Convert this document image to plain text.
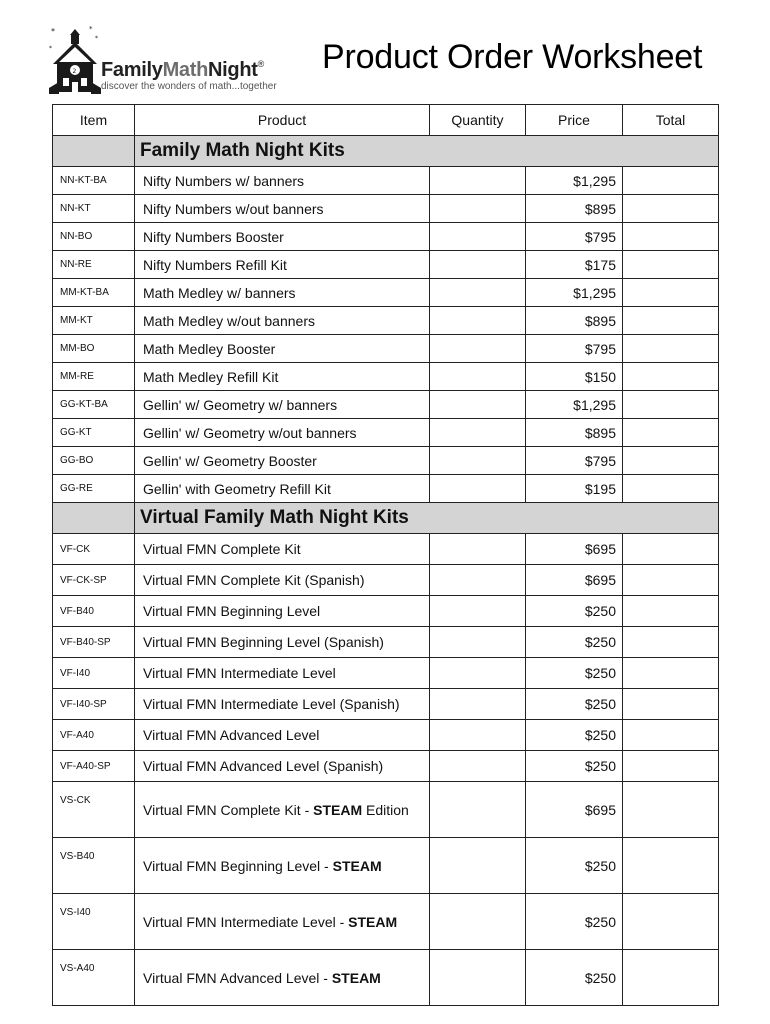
*	*
*
*
2 FamilyMathNight®
discover the wonders of math...together
Product Order Worksheet
Item	Product	Quantity	Price	Total
	Family Math Night Kits			
NN-KT-BA	Nifty Numbers w/ banners		$1,295	
NN-KT	Nifty Numbers w/out banners		$895	
NN-BO	Nifty Numbers Booster		$795	
NN-RE	Nifty Numbers Refill Kit		$175	
MM-KT-BA	Math Medley w/ banners		$1,295	
MM-KT	Math Medley w/out banners		$895	
MM-BO	Math Medley Booster		$795	
MM-RE	Math Medley Refill Kit		$150	
GG-KT-BA	Gellin' w/ Geometry w/ banners		$1,295	
GG-KT	Gellin' w/ Geometry w/out banners		$895	
GG-BO	Gellin' w/ Geometry Booster		$795	
GG-RE	Gellin' with Geometry Refill Kit		$195	
	Virtual Family Math Night Kits			
VF-CK	Virtual FMN Complete Kit		$695	
VF-CK-SP	Virtual FMN Complete Kit (Spanish)		$695	
VF-B40	Virtual FMN Beginning Level		$250	
VF-B40-SP	Virtual FMN Beginning Level (Spanish)		$250	
VF-I40	Virtual FMN Intermediate Level		$250	
VF-I40-SP	Virtual FMN Intermediate Level (Spanish)		$250	
VF-A40	Virtual FMN Advanced Level		$250	
VF-A40-SP	Virtual FMN Advanced Level (Spanish)		$250	
VS-CK	Virtual FMN Complete Kit - STEAM Edition		$695	
VS-B40	Virtual FMN Beginning Level - STEAM		$250	
VS-I40	Virtual FMN Intermediate Level - STEAM		$250	
VS-A40	Virtual FMN Advanced Level - STEAM		$250	
